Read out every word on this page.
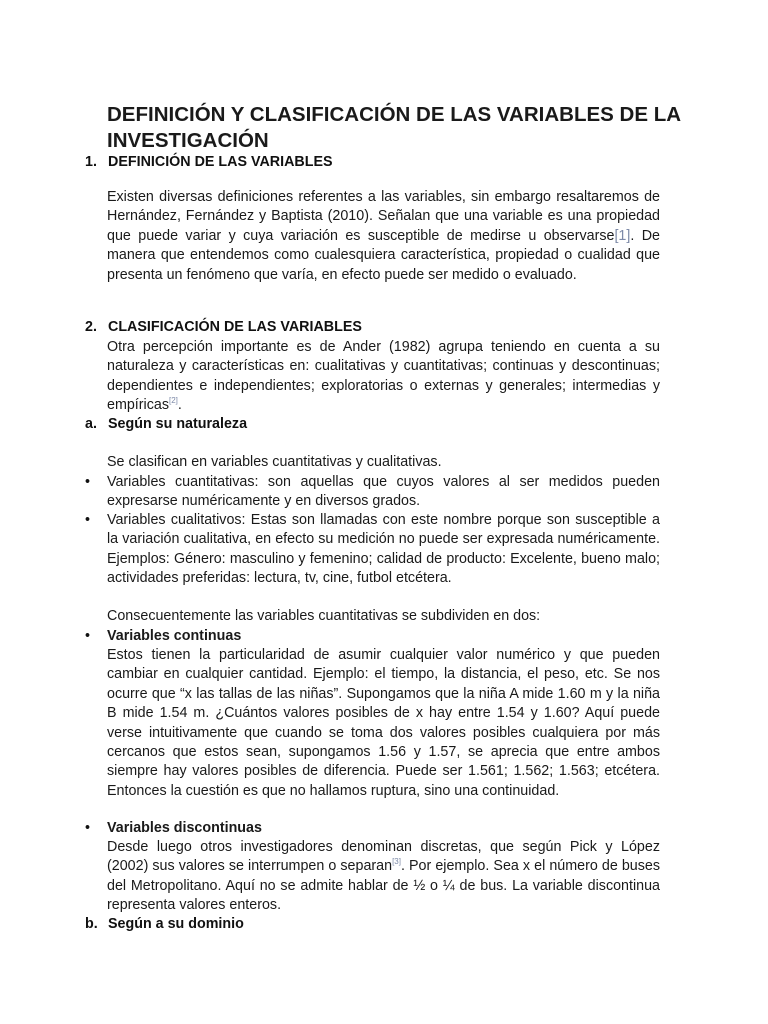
DEFINICIÓN Y CLASIFICACIÓN DE LAS VARIABLES DE LA INVESTIGACIÓN
1. DEFINICIÓN DE LAS VARIABLES
Existen diversas definiciones referentes a las variables, sin embargo resaltaremos de Hernández, Fernández y Baptista (2010). Señalan que una variable es una propiedad que puede variar y cuya variación es susceptible de medirse u observarse[1]. De manera que entendemos como cualesquiera característica, propiedad o cualidad que presenta un fenómeno que varía, en efecto puede ser medido o evaluado.
2. CLASIFICACIÓN DE LAS VARIABLES
Otra percepción importante es de Ander (1982) agrupa teniendo en cuenta a su naturaleza y características en: cualitativas y cuantitativas; continuas y descontinuas; dependientes e independientes; exploratorias o externas y generales; intermedias y empíricas[2].
a. Según su naturaleza
Se clasifican en variables cuantitativas y cualitativas.
• Variables cuantitativas: son aquellas que cuyos valores al ser medidos pueden expresarse numéricamente y en diversos grados.
• Variables cualitativos: Estas son llamadas con este nombre porque son susceptible a la variación cualitativa, en efecto su medición no puede ser expresada numéricamente. Ejemplos: Género: masculino y femenino; calidad de producto: Excelente, bueno malo; actividades preferidas: lectura, tv, cine, futbol etcétera.
Consecuentemente las variables cuantitativas se subdividen en dos:
• Variables continuas
Estos tienen la particularidad de asumir cualquier valor numérico y que pueden cambiar en cualquier cantidad. Ejemplo: el tiempo, la distancia, el peso, etc. Se nos ocurre que “x las tallas de las niñas”. Supongamos que la niña A mide 1.60 m y la niña B mide 1.54 m. ¿Cuántos valores posibles de x hay entre 1.54 y 1.60? Aquí puede verse intuitivamente que cuando se toma dos valores posibles cualquiera por más cercanos que estos sean, supongamos 1.56 y 1.57, se aprecia que entre ambos siempre hay valores posibles de diferencia. Puede ser 1.561; 1.562; 1.563; etcétera. Entonces la cuestión es que no hallamos ruptura, sino una continuidad.
• Variables discontinuas
Desde luego otros investigadores denominan discretas, que según Pick y López (2002) sus valores se interrumpen o separan[3]. Por ejemplo. Sea x el número de buses del Metropolitano. Aquí no se admite hablar de ½ o ¼ de bus. La variable discontinua representa valores enteros.
b. Según a su dominio
